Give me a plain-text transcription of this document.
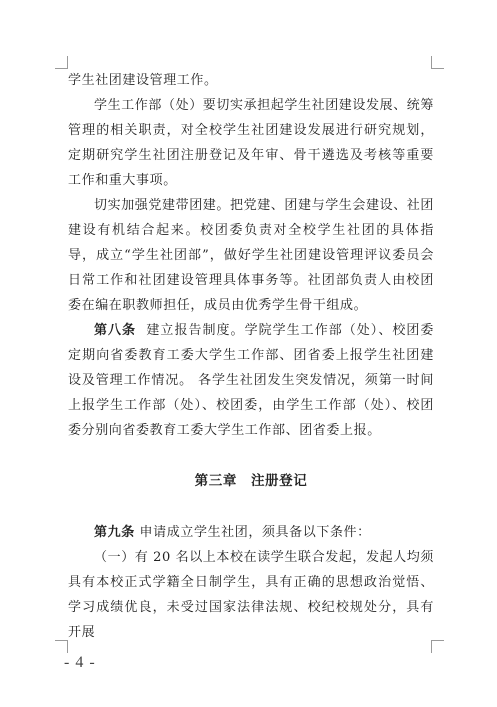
学生社团建设管理工作。

学生工作部（处）要切实承担起学生社团建设发展、统筹管理的相关职责，对全校学生社团建设发展进行研究规划，定期研究学生社团注册登记及年审、骨干遴选及考核等重要工作和重大事项。

切实加强党建带团建。把党建、团建与学生会建设、社团建设有机结合起来。校团委负责对全校学生社团的具体指导，成立“学生社团部”，做好学生社团建设管理评议委员会日常工作和社团建设管理具体事务等。社团部负责人由校团委在编在职教师担任，成员由优秀学生骨干组成。

第八条 建立报告制度。学院学生工作部（处）、校团委定期向省委教育工委大学生工作部、团省委上报学生社团建设及管理工作情况。 各学生社团发生突发情况，须第一时间上报学生工作部（处）、校团委，由学生工作部（处）、校团委分别向省委教育工委大学生工作部、团省委上报。

第三章 注册登记

第九条 申请成立学生社团，须具备以下条件：

（一）有 20 名以上本校在读学生联合发起，发起人均须具有本校正式学籍全日制学生，具有正确的思想政治觉悟、学习成绩优良，未受过国家法律法规、校纪校规处分，具有开展

- 4 -
